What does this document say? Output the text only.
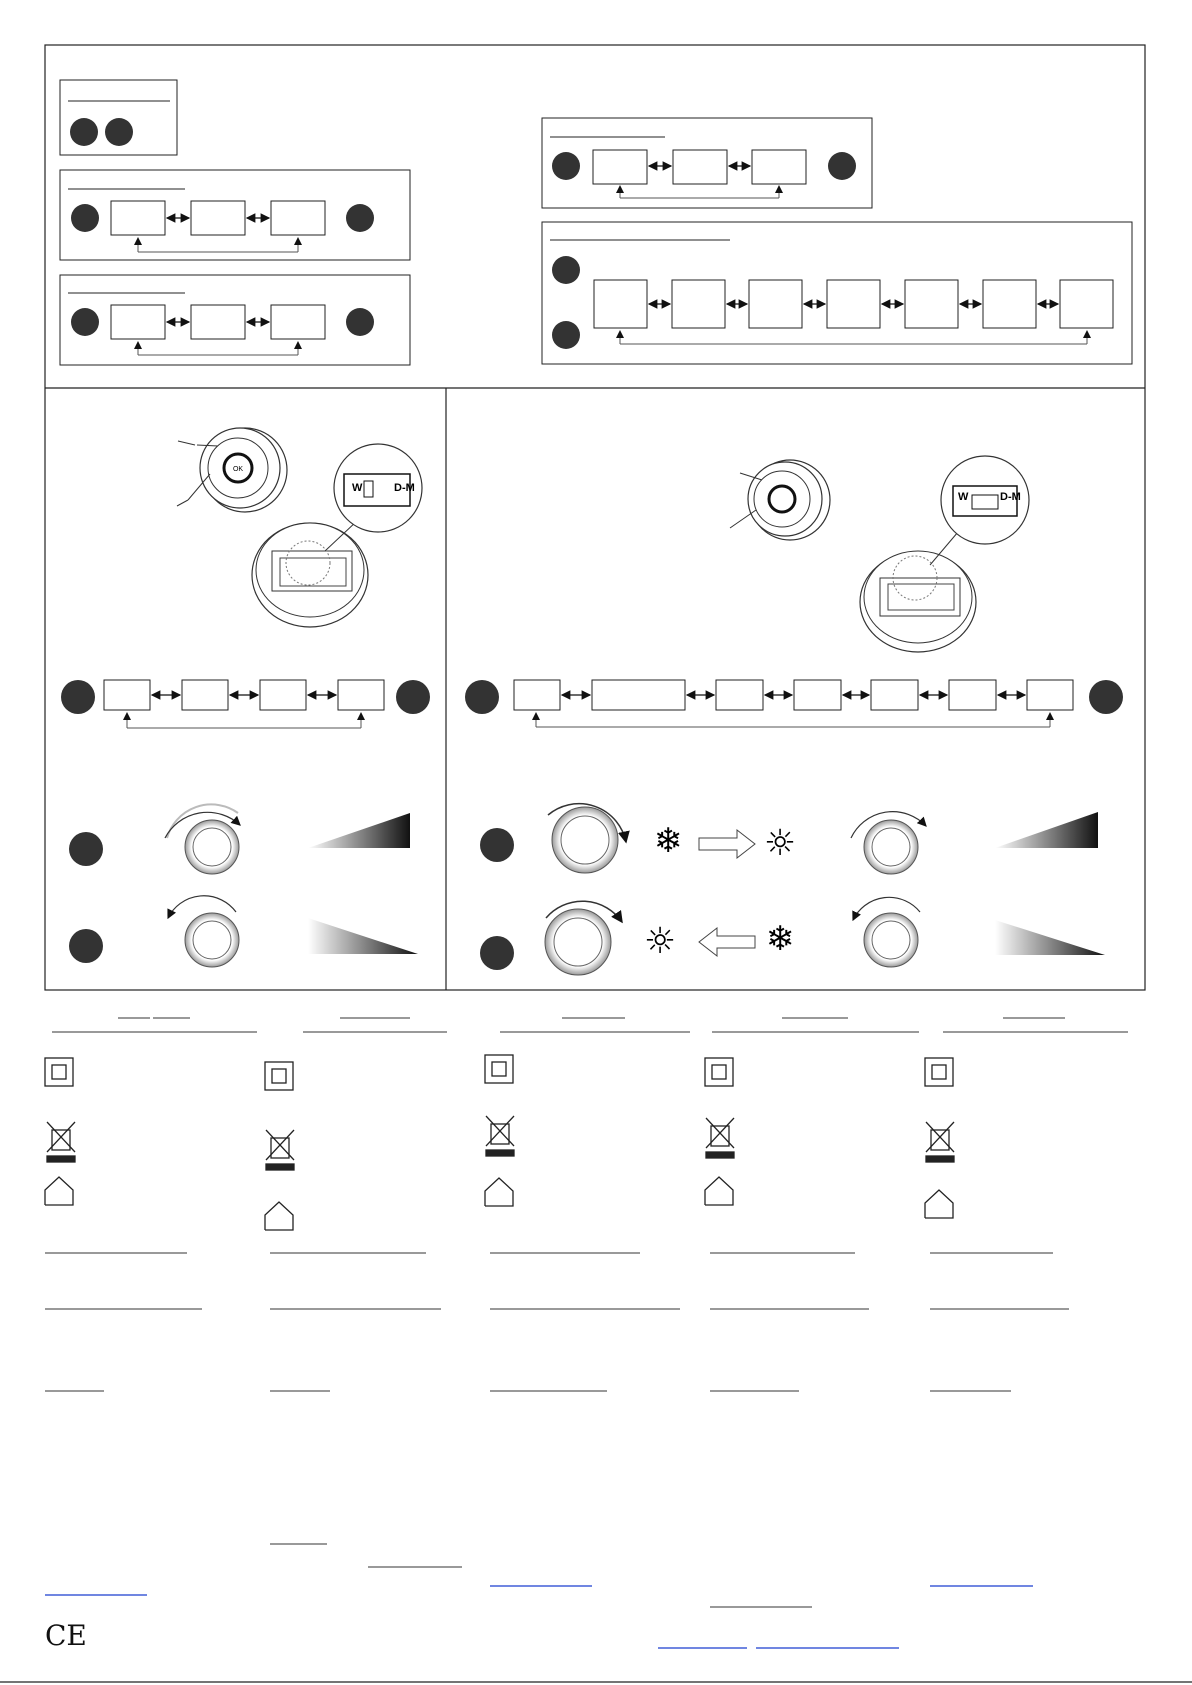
OK
W	D-M
W	D-M
❄ ☼
☼	❄
CE
